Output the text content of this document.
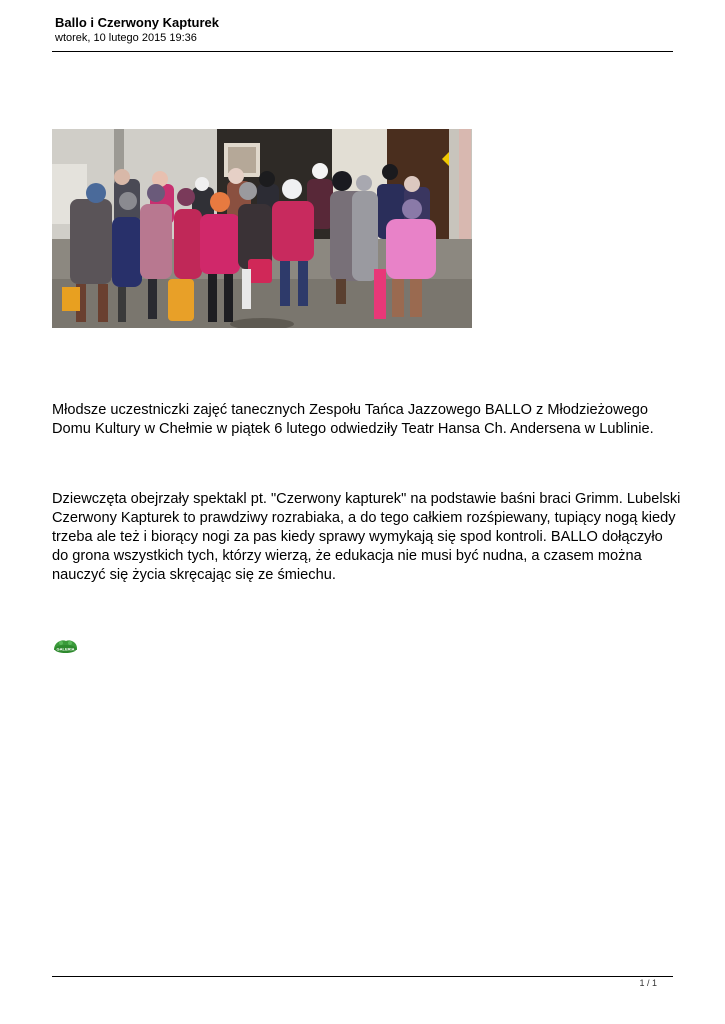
Ballo i Czerwony Kapturek
wtorek, 10 lutego 2015 19:36
Młodsze uczestniczki zajęć tanecznych Zespołu Tańca Jazzowego BALLO z Młodzieżowego Domu Kultury w Chełmie w piątek 6 lutego odwiedziły Teatr Hansa Ch. Andersena w Lublinie.
Dziewczęta obejrzały spektakl pt. "Czerwony kapturek" na podstawie baśni braci Grimm. Lubelski Czerwony Kapturek to prawdziwy rozrabiaka, a do tego całkiem rozśpiewany, tupiący nogą kiedy trzeba ale też i biorący nogi za pas kiedy sprawy wymykają się spod kontroli. BALLO dołączyło do grona wszystkich tych, którzy wierzą, że edukacja nie musi być nudna, a czasem można nauczyć się życia skręcając się ze śmiechu.
GALERIA
1 / 1
